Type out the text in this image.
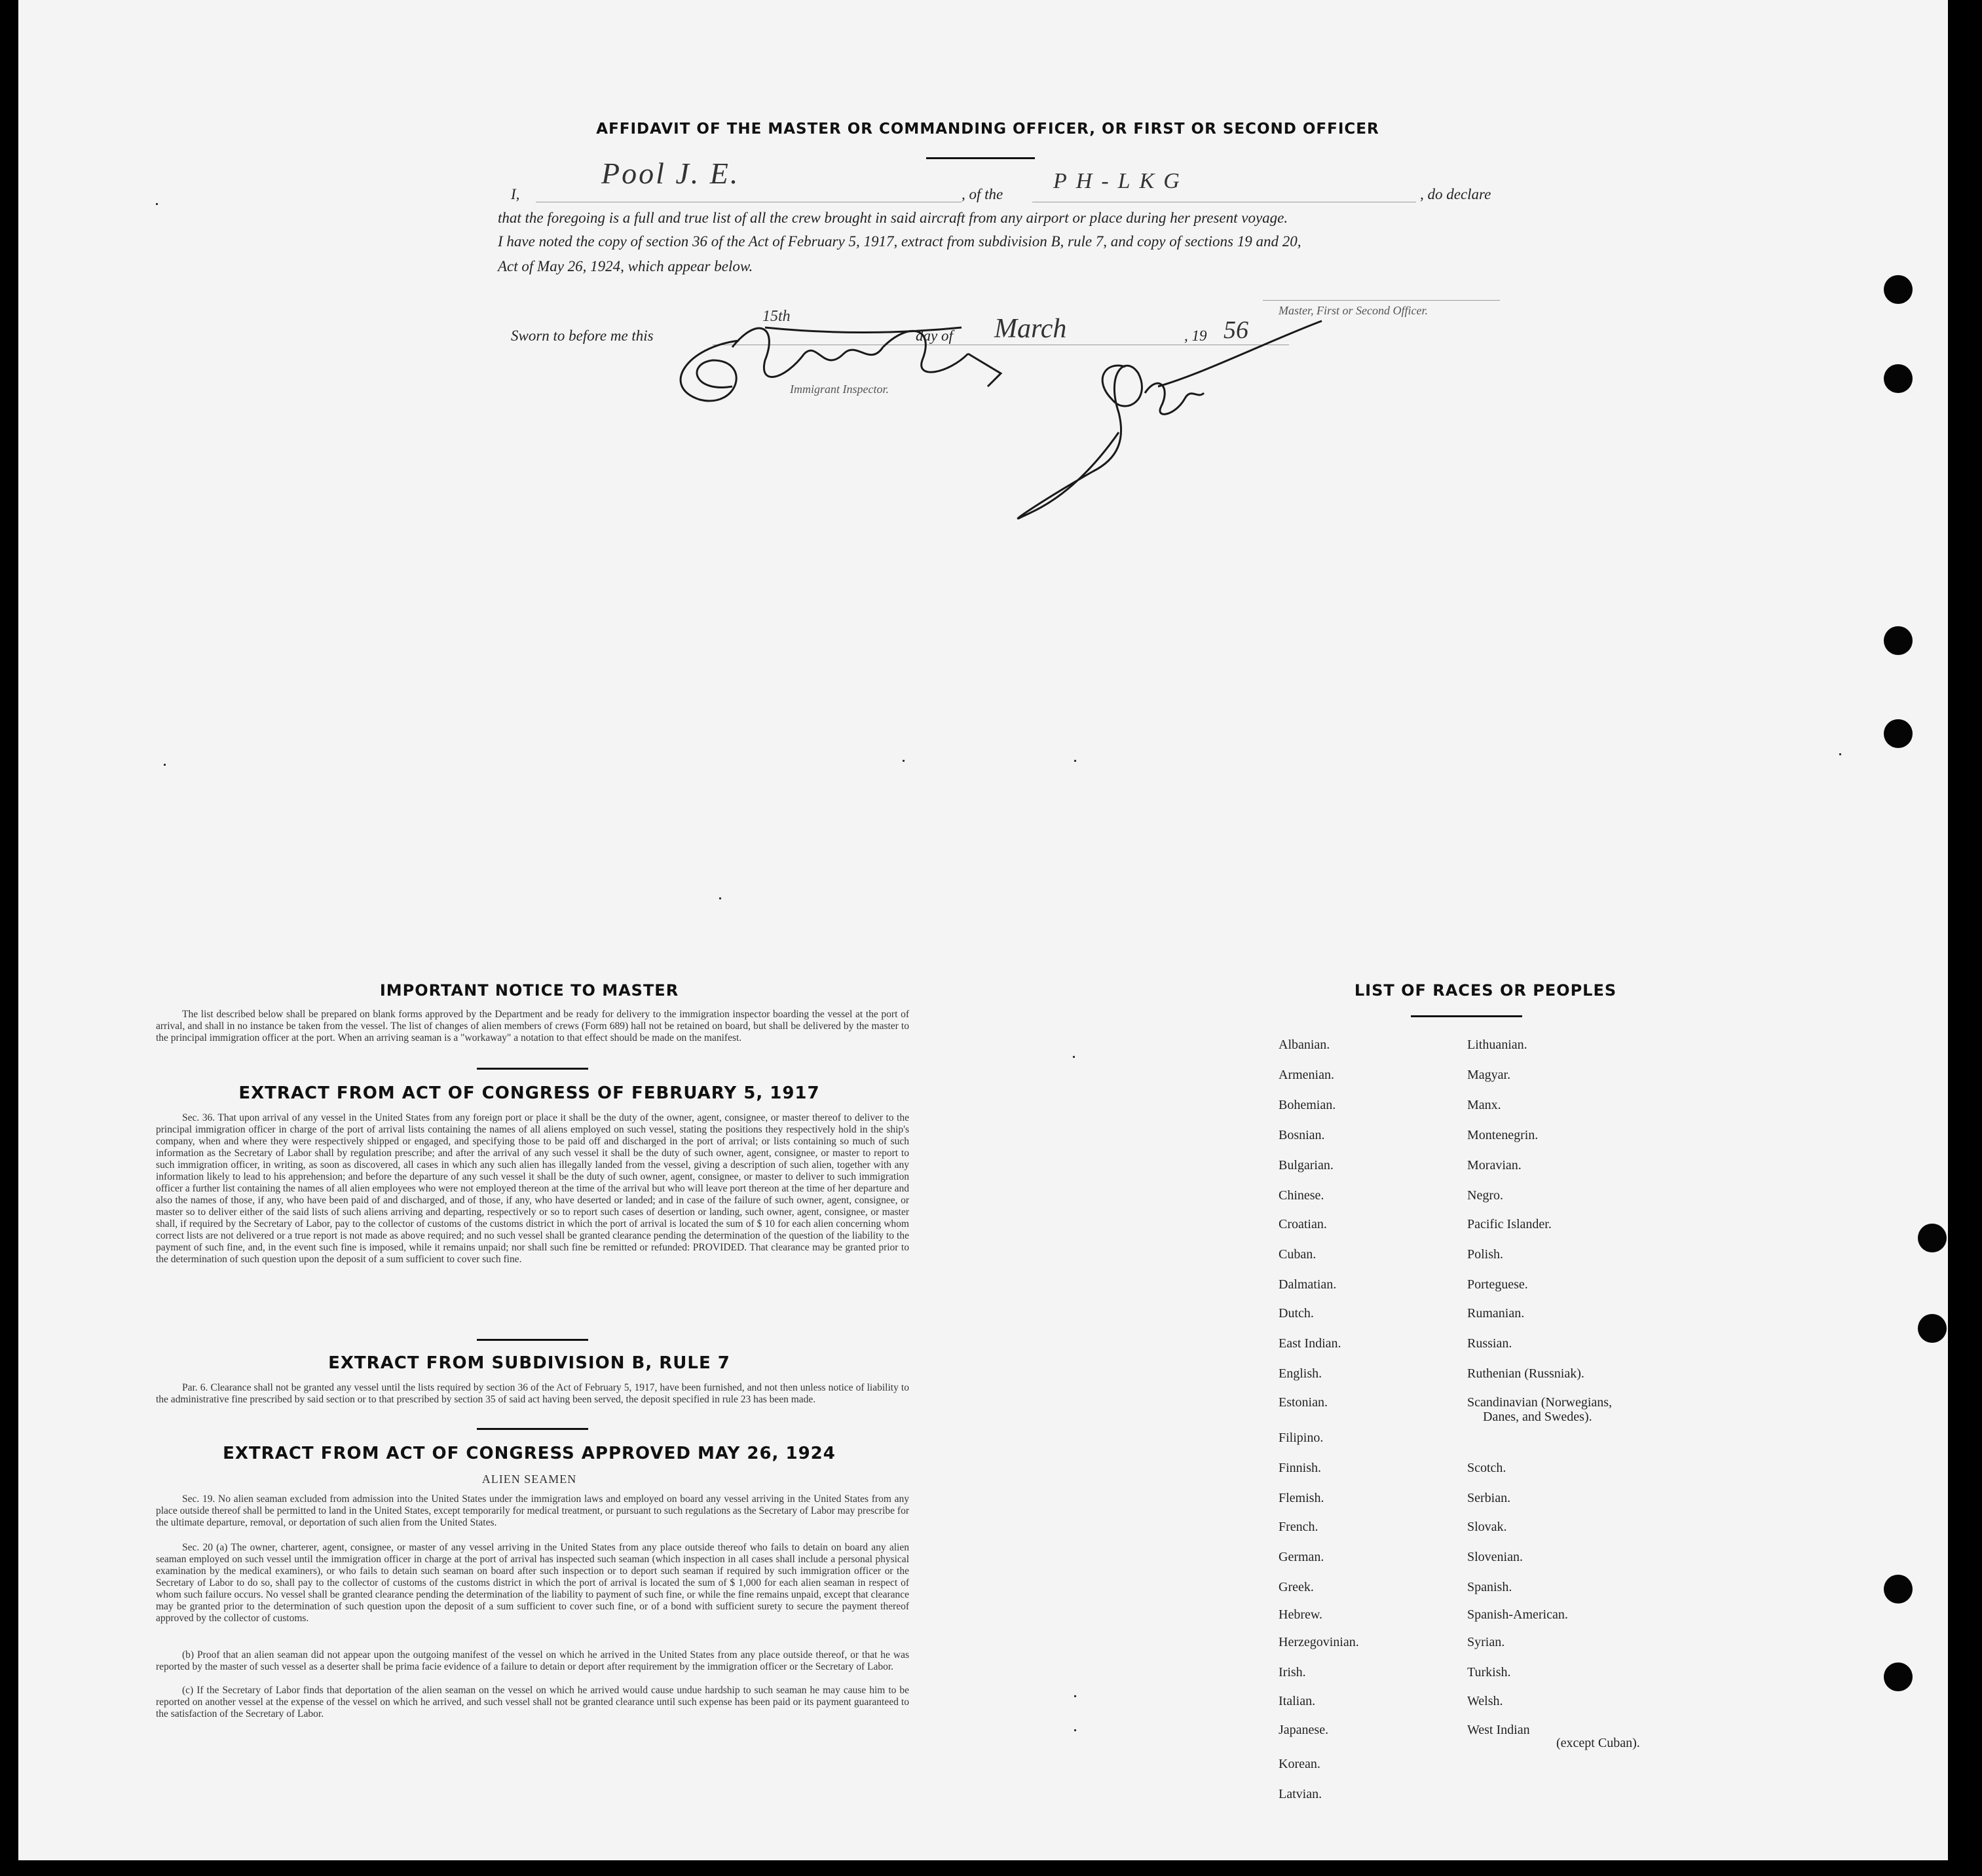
AFFIDAVIT OF THE MASTER OR COMMANDING OFFICER, OR FIRST OR SECOND OFFICER
I,
Pool J. E.
, of the
PH-LKG
, do declare
that the foregoing is a full and true list of all the crew brought in said aircraft from any airport or place during her present voyage.
I have noted the copy of section 36 of the Act of February 5, 1917, extract from subdivision B, rule 7, and copy of sections 19 and 20,
Act of May 26, 1924, which appear below.
Master, First or Second Officer.
Sworn to before me this
15th
day of March	, 19 56
Immigrant Inspector.
IMPORTANT NOTICE TO MASTER
The list described below shall be prepared on blank forms approved by the Department and be ready for delivery to the immigration inspector boarding the vessel at the port of arrival, and shall in no instance be taken from the vessel. The list of changes of alien members of crews (Form 689) hall not be retained on board, but shall be delivered by the master to the principal immigration officer at the port. When an arriving seaman is a "workaway" a notation to that effect should be made on the manifest.
EXTRACT FROM ACT OF CONGRESS OF FEBRUARY 5, 1917
Sec. 36. That upon arrival of any vessel in the United States from any foreign port or place it shall be the duty of the owner, agent, consignee, or master thereof to deliver to the principal immigration officer in charge of the port of arrival lists containing the names of all aliens employed on such vessel, stating the positions they respectively hold in the ship's company, when and where they were respectively shipped or engaged, and specifying those to be paid off and discharged in the port of arrival; or lists containing so much of such information as the Secretary of Labor shall by regulation prescribe; and after the arrival of any such vessel it shall be the duty of such owner, agent, consignee, or master to report to such immigration officer, in writing, as soon as discovered, all cases in which any such alien has illegally landed from the vessel, giving a description of such alien, together with any information likely to lead to his apprehension; and before the departure of any such vessel it shall be the duty of such owner, agent, consignee, or master to deliver to such immigration officer a further list containing the names of all alien employees who were not employed thereon at the time of the arrival but who will leave port thereon at the time of her departure and also the names of those, if any, who have been paid of and discharged, and of those, if any, who have deserted or landed; and in case of the failure of such owner, agent, consignee, or master so to deliver either of the said lists of such aliens arriving and departing, respectively or so to report such cases of desertion or landing, such owner, agent, consignee, or master shall, if required by the Secretary of Labor, pay to the collector of customs of the customs district in which the port of arrival is located the sum of $ 10 for each alien concerning whom correct lists are not delivered or a true report is not made as above required; and no such vessel shall be granted clearance pending the determination of the question of the liability to the payment of such fine, and, in the event such fine is imposed, while it remains unpaid; nor shall such fine be remitted or refunded: PROVIDED. That clearance may be granted prior to the determination of such question upon the deposit of a sum sufficient to cover such fine.
EXTRACT FROM SUBDIVISION B, RULE 7
Par. 6. Clearance shall not be granted any vessel until the lists required by section 36 of the Act of February 5, 1917, have been furnished, and not then unless notice of liability to the administrative fine prescribed by said section or to that prescribed by section 35 of said act having been served, the deposit specified in rule 23 has been made.
EXTRACT FROM ACT OF CONGRESS APPROVED MAY 26, 1924
ALIEN SEAMEN
Sec. 19. No alien seaman excluded from admission into the United States under the immigration laws and employed on board any vessel arriving in the United States from any place outside thereof shall be permitted to land in the United States, except temporarily for medical treatment, or pursuant to such regulations as the Secretary of Labor may prescribe for the ultimate departure, removal, or deportation of such alien from the United States.
Sec. 20 (a) The owner, charterer, agent, consignee, or master of any vessel arriving in the United States from any place outside thereof who fails to detain on board any alien seaman employed on such vessel until the immigration officer in charge at the port of arrival has inspected such seaman (which inspection in all cases shall include a personal physical examination by the medical examiners), or who fails to detain such seaman on board after such inspection or to deport such seaman if required by such immigration officer or the Secretary of Labor to do so, shall pay to the collector of customs of the customs district in which the port of arrival is located the sum of $ 1,000 for each alien seaman in respect of whom such failure occurs. No vessel shall be granted clearance pending the determination of the liability to payment of such fine, or while the fine remains unpaid, except that clearance may be granted prior to the determination of such question upon the deposit of a sum sufficient to cover such fine, or of a bond with sufficient surety to secure the payment thereof approved by the collector of customs.
(b) Proof that an alien seaman did not appear upon the outgoing manifest of the vessel on which he arrived in the United States from any place outside thereof, or that he was reported by the master of such vessel as a deserter shall be prima facie evidence of a failure to detain or deport after requirement by the immigration officer or the Secretary of Labor.
(c) If the Secretary of Labor finds that deportation of the alien seaman on the vessel on which he arrived would cause undue hardship to such seaman he may cause him to be reported on another vessel at the expense of the vessel on which he arrived, and such vessel shall not be granted clearance until such expense has been paid or its payment guaranteed to the satisfaction of the Secretary of Labor.
LIST OF RACES OR PEOPLES
Albanian.
Armenian.
Bohemian.
Bosnian.
Bulgarian.
Chinese.
Croatian.
Cuban.
Dalmatian.
Dutch.
East Indian.
English.
Estonian.
Filipino.
Finnish.
Flemish.
French.
German.
Greek.
Hebrew.
Herzegovinian.
Irish.
Italian.
Japanese.
Korean.
Latvian.
Lithuanian.
Magyar.
Manx.
Montenegrin.
Moravian.
Negro.
Pacific Islander.
Polish.
Porteguese.
Rumanian.
Russian.
Ruthenian (Russniak).
Scandinavian (Norwegians,
Danes, and Swedes).
Scotch.
Serbian.
Slovak.
Slovenian.
Spanish.
Spanish-American.
Syrian.
Turkish.
Welsh.
West Indian
(except Cuban).
